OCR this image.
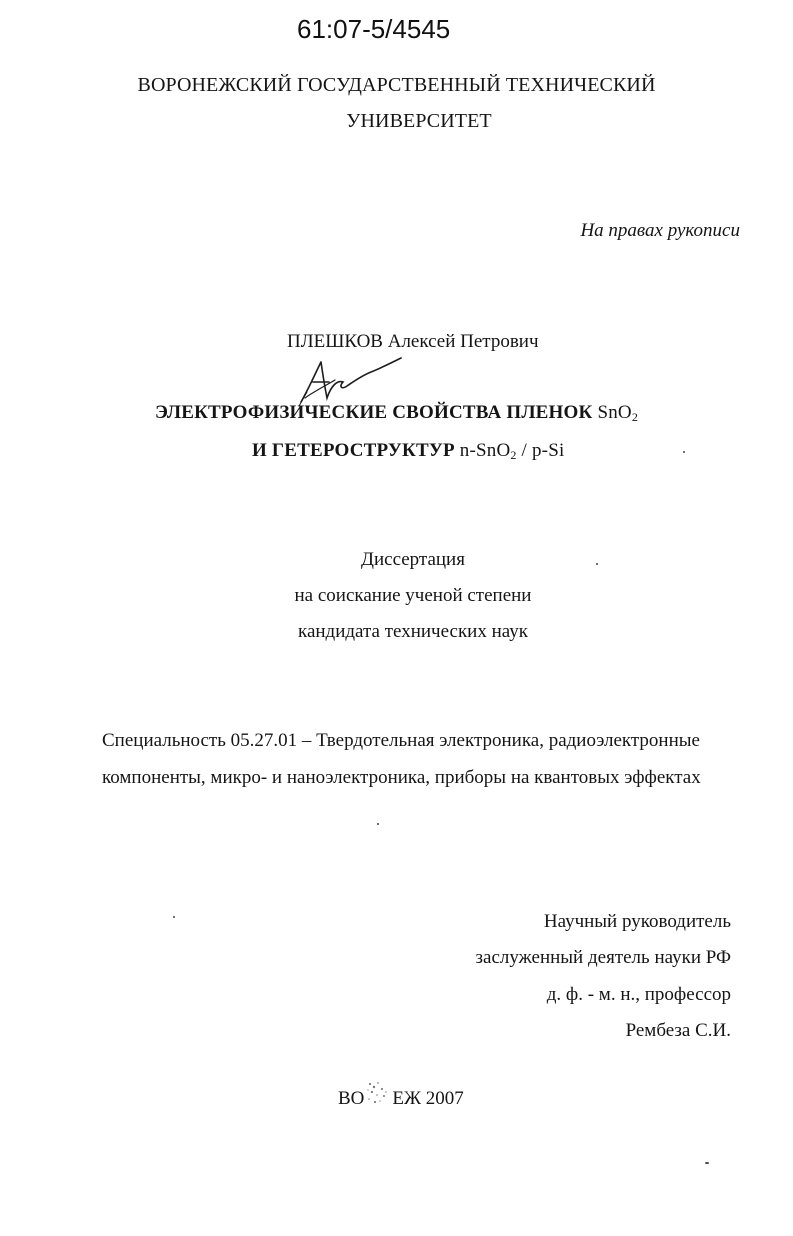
61:07-5/4545
ВОРОНЕЖСКИЙ ГОСУДАРСТВЕННЫЙ ТЕХНИЧЕСКИЙ
УНИВЕРСИТЕТ
На правах рукописи
ПЛЕШКОВ Алексей Петрович
ЭЛЕКТРОФИЗИЧЕСКИЕ СВОЙСТВА ПЛЕНОК SnO$_2$
И ГЕТЕРОСТРУКТУР n-SnO$_2$ / p-Si
Диссертация
на соискание ученой степени
кандидата технических наук
Специальность 05.27.01 – Твердотельная электроника, радиоэлектронные
компоненты, микро- и наноэлектроника, приборы на квантовых эффектах
Научный руководитель
заслуженный деятель науки РФ
д. ф. - м. н., профессор
Рембеза С.И.
ВО ЕЖ 2007
